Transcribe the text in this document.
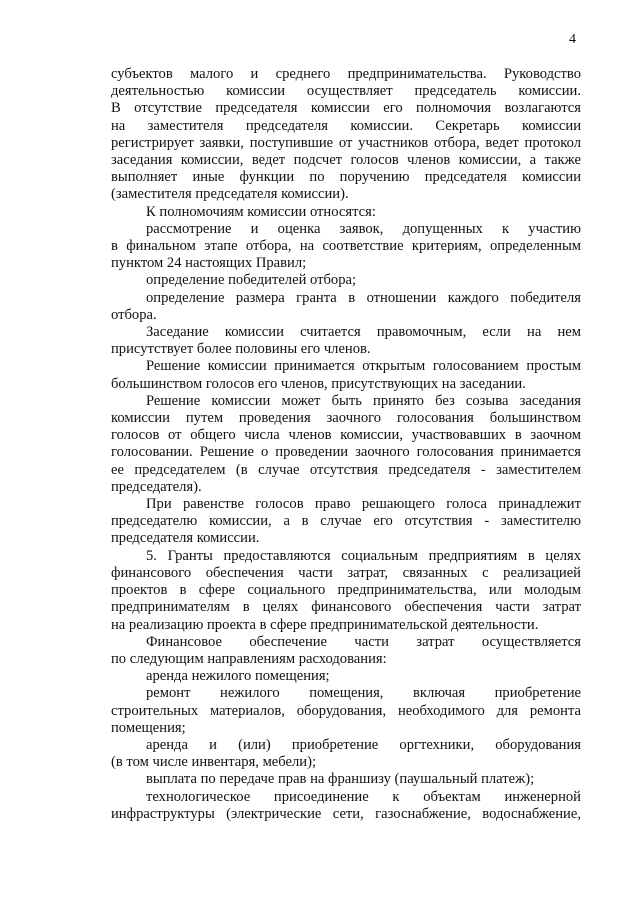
4
субъектов малого и среднего предпринимательства. Руководство
деятельностью комиссии осуществляет председатель комиссии.
В отсутствие председателя комиссии его полномочия возлагаются
на заместителя председателя комиссии. Секретарь комиссии
регистрирует заявки, поступившие от участников отбора, ведет протокол
заседания комиссии, ведет подсчет голосов членов комиссии, а также
выполняет иные функции по поручению председателя комиссии
(заместителя председателя комиссии).
К полномочиям комиссии относятся:
рассмотрение и оценка заявок, допущенных к участию
в финальном этапе отбора, на соответствие критериям, определенным
пунктом 24 настоящих Правил;
определение победителей отбора;
определение размера гранта в отношении каждого победителя
отбора.
Заседание комиссии считается правомочным, если на нем
присутствует более половины его членов.
Решение комиссии принимается открытым голосованием простым
большинством голосов его членов, присутствующих на заседании.
Решение комиссии может быть принято без созыва заседания
комиссии путем проведения заочного голосования большинством
голосов от общего числа членов комиссии, участвовавших в заочном
голосовании. Решение о проведении заочного голосования принимается
ее председателем (в случае отсутствия председателя - заместителем
председателя).
При равенстве голосов право решающего голоса принадлежит
председателю комиссии, а в случае его отсутствия - заместителю
председателя комиссии.
5. Гранты предоставляются социальным предприятиям в целях
финансового обеспечения части затрат, связанных с реализацией
проектов в сфере социального предпринимательства, или молодым
предпринимателям в целях финансового обеспечения части затрат
на реализацию проекта в сфере предпринимательской деятельности.
Финансовое обеспечение части затрат осуществляется
по следующим направлениям расходования:
аренда нежилого помещения;
ремонт нежилого помещения, включая приобретение
строительных материалов, оборудования, необходимого для ремонта
помещения;
аренда и (или) приобретение оргтехники, оборудования
(в том числе инвентаря, мебели);
выплата по передаче прав на франшизу (паушальный платеж);
технологическое присоединение к объектам инженерной
инфраструктуры (электрические сети, газоснабжение, водоснабжение,
